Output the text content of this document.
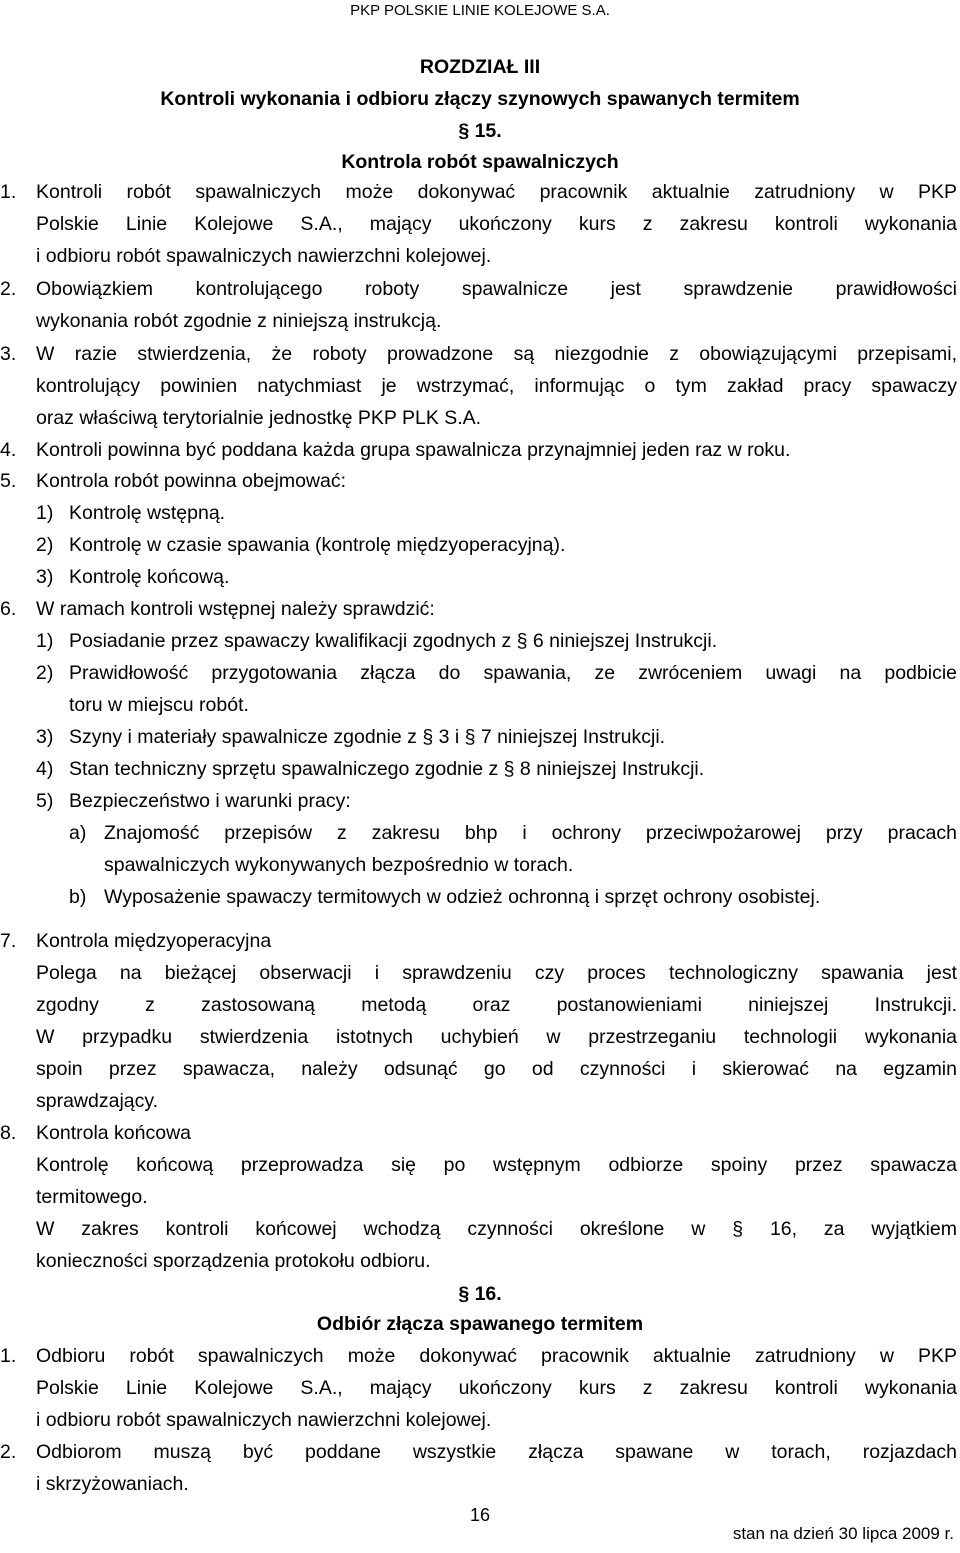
PKP POLSKIE LINIE KOLEJOWE S.A.
ROZDZIAŁ III
Kontroli wykonania i odbioru złączy szynowych spawanych termitem
§ 15.
Kontrola robót spawalniczych
1. Kontroli robót spawalniczych może dokonywać pracownik aktualnie zatrudniony w PKP
Polskie Linie Kolejowe S.A., mający ukończony kurs z zakresu kontroli wykonania
i odbioru robót spawalniczych nawierzchni kolejowej.
2. Obowiązkiem kontrolującego roboty spawalnicze jest sprawdzenie prawidłowości
wykonania robót zgodnie z niniejszą instrukcją.
3. W razie stwierdzenia, że roboty prowadzone są niezgodnie z obowiązującymi przepisami,
kontrolujący powinien natychmiast je wstrzymać, informując o tym zakład pracy spawaczy
oraz właściwą terytorialnie jednostkę PKP PLK S.A.
4. Kontroli powinna być poddana każda grupa spawalnicza przynajmniej jeden raz w roku.
5. Kontrola robót powinna obejmować:
1) Kontrolę wstępną.
2) Kontrolę w czasie spawania (kontrolę międzyoperacyjną).
3) Kontrolę końcową.
6. W ramach kontroli wstępnej należy sprawdzić:
1) Posiadanie przez spawaczy kwalifikacji zgodnych z § 6 niniejszej Instrukcji.
2) Prawidłowość przygotowania złącza do spawania, ze zwróceniem uwagi na podbicie
toru w miejscu robót.
3) Szyny i materiały spawalnicze zgodnie z § 3 i § 7 niniejszej Instrukcji.
4) Stan techniczny sprzętu spawalniczego zgodnie z § 8 niniejszej Instrukcji.
5) Bezpieczeństwo i warunki pracy:
a) Znajomość przepisów z zakresu bhp i ochrony przeciwpożarowej przy pracach
spawalniczych wykonywanych bezpośrednio w torach.
b) Wyposażenie spawaczy termitowych w odzież ochronną i sprzęt ochrony osobistej.
7. Kontrola międzyoperacyjna
Polega na bieżącej obserwacji i sprawdzeniu czy proces technologiczny spawania jest
zgodny z zastosowaną metodą oraz postanowieniami niniejszej Instrukcji.
W przypadku stwierdzenia istotnych uchybień w przestrzeganiu technologii wykonania
spoin przez spawacza, należy odsunąć go od czynności i skierować na egzamin
sprawdzający.
8. Kontrola końcowa
Kontrolę końcową przeprowadza się po wstępnym odbiorze spoiny przez spawacza
termitowego.
W zakres kontroli końcowej wchodzą czynności określone w § 16, za wyjątkiem
konieczności sporządzenia protokołu odbioru.
§ 16.
Odbiór złącza spawanego termitem
1. Odbioru robót spawalniczych może dokonywać pracownik aktualnie zatrudniony w PKP
Polskie Linie Kolejowe S.A., mający ukończony kurs z zakresu kontroli wykonania
i odbioru robót spawalniczych nawierzchni kolejowej.
2. Odbiorom muszą być poddane wszystkie złącza spawane w torach, rozjazdach
i skrzyżowaniach.
16
stan na dzień 30 lipca 2009 r.
